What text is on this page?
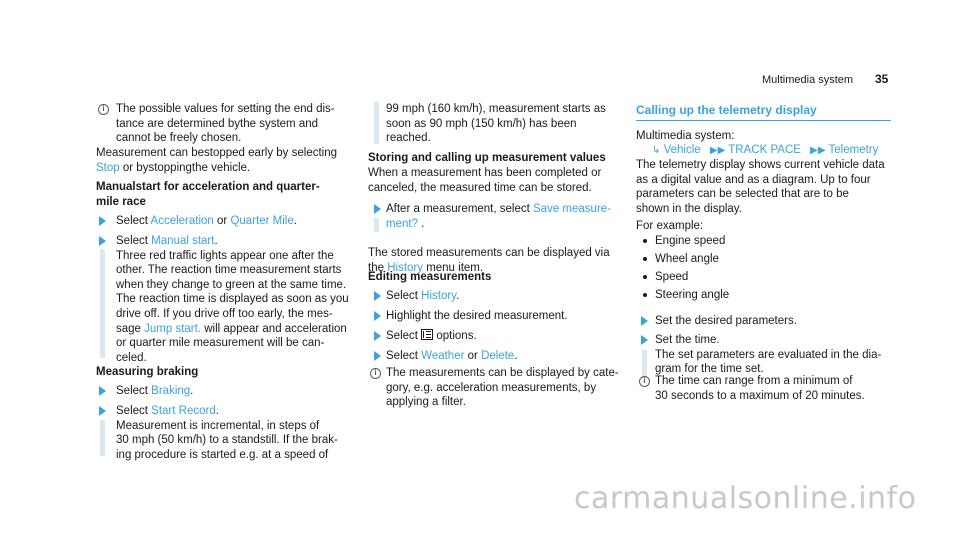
Multimedia system 35
i The possible values for setting the end dis-
tance are determined bythe system and
cannot be freely chosen.
Measurement can bestopped early by selecting
Stop or bystoppingthe vehicle.
Manualstart for acceleration and quarter-
mile race
Select Acceleration or Quarter Mile.
Select Manual start.
Three red traffic lights appear one after the
other. The reaction time measurement starts
when they change to green at the same time.
The reaction time is displayed as soon as you
drive off. If you drive off too early, the mes-
sage Jump start. will appear and acceleration
or quarter mile measurement will be can-
celed.
Measuring braking
Select Braking.
Select Start Record.
Measurement is incremental, in steps of
30 mph (50 km/h) to a standstill. If the brak-
ing procedure is started e.g. at a speed of
99 mph (160 km/h), measurement starts as
soon as 90 mph (150 km/h) has been
reached.
Storing and calling up measurement values
When a measurement has been completed or
canceled, the measured time can be stored.
After a measurement, select Save measure-
ment? .
The stored measurements can be displayed via
the History menu item.
Editing measurements
Select History.
Highlight the desired measurement.
Select options.
Select Weather or Delete.
i The measurements can be displayed by cate-
gory, e.g. acceleration measurements, by
applying a filter.
Calling up the telemetry display
Multimedia system:
↳ Vehicle ▶▶ TRACK PACE ▶▶ Telemetry
The telemetry display shows current vehicle data
as a digital value and as a diagram. Up to four
parameters can be selected that are to be
shown in the display.
For example:
Engine speed
Wheel angle
Speed
Steering angle
Set the desired parameters.
Set the time.
The set parameters are evaluated in the dia-
gram for the time set.
i The time can range from a minimum of
30 seconds to a maximum of 20 minutes.
carmanualsonline.info
